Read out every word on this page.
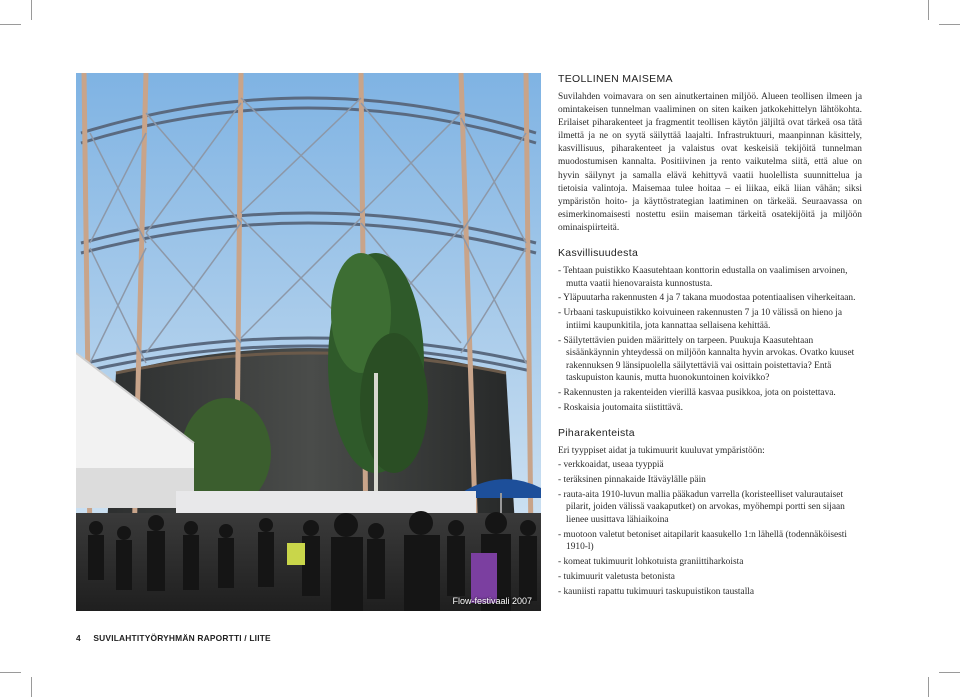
Flow-festivaali 2007
TEOLLINEN MAISEMA

Suvilahden voimavara on sen ainutkertainen miljöö. Alueen teollisen ilmeen ja omintakeisen tunnelman vaaliminen on siten kaiken jatkokehittelyn lähtökohta. Erilaiset piharakenteet ja fragmentit teollisen käytön jäljiltä ovat tärkeä osa tätä ilmettä ja ne on syytä säilyttää laajalti. Infrastruktuuri, maanpinnan käsittely, kasvillisuus, piharakenteet ja valaistus ovat keskeisiä tekijöitä tunnelman muodostumisen kannalta. Positiivinen ja rento vaikutelma siitä, että alue on hyvin säilynyt ja samalla elävä kehittyvä vaatii huolellista suunnittelua ja tietoisia valintoja. Maisemaa tulee hoitaa – ei liikaa, eikä liian vähän; siksi ympäristön hoito- ja käyttöstrategian laatiminen on tärkeää. Seuraavassa on esimerkinomaisesti nostettu esiin maiseman tärkeitä osatekijöitä ja miljöön ominaispiirteitä.

Kasvillisuudesta
- Tehtaan puistikko Kaasutehtaan konttorin edustalla on vaalimisen arvoinen, mutta vaatii hienovaraista kunnostusta.
- Yläpuutarha rakennusten 4 ja 7 takana muodostaa potentiaalisen viherkeitaan.
- Urbaani taskupuistikko koivuineen rakennusten 7 ja 10 välissä on hieno ja intiimi kaupunkitila, jota kannattaa sellaisena kehittää.
- Säilytettävien puiden määrittely on tarpeen. Puukuja Kaasutehtaan sisäänkäynnin yhteydessä on miljöön kannalta hyvin arvokas. Ovatko kuuset rakennuksen 9 länsipuolella säilytettäviä vai osittain poistettavia? Entä taskupuiston kaunis, mutta huonokuntoinen koivikko?
- Rakennusten ja rakenteiden vierillä kasvaa pusikkoa, jota on poistettava.
- Roskaisia joutomaita siistittävä.
Piharakenteista

Eri tyyppiset aidat ja tukimuurit kuuluvat ympäristöön:

- verkkoaidat, useaa tyyppiä
- teräksinen pinnakaide Itäväylälle päin
- rauta-aita 1910-luvun mallia pääkadun varrella (koristeelliset valurautaiset pilarit, joiden välissä vaakaputket) on arvokas, myöhempi portti sen sijaan lienee uusittava lähiaikoina
- muotoon valetut betoniset aitapilarit kaasukello 1:n lähellä (todennäköisesti 1910-l)
- komeat tukimuurit lohkotuista graniittiharkoista
- tukimuurit valetusta betonista
- kauniisti rapattu tukimuuri taskupuistikon taustalla
4 SUVILAHTITYÖRYHMÄN RAPORTTI / LIITE
